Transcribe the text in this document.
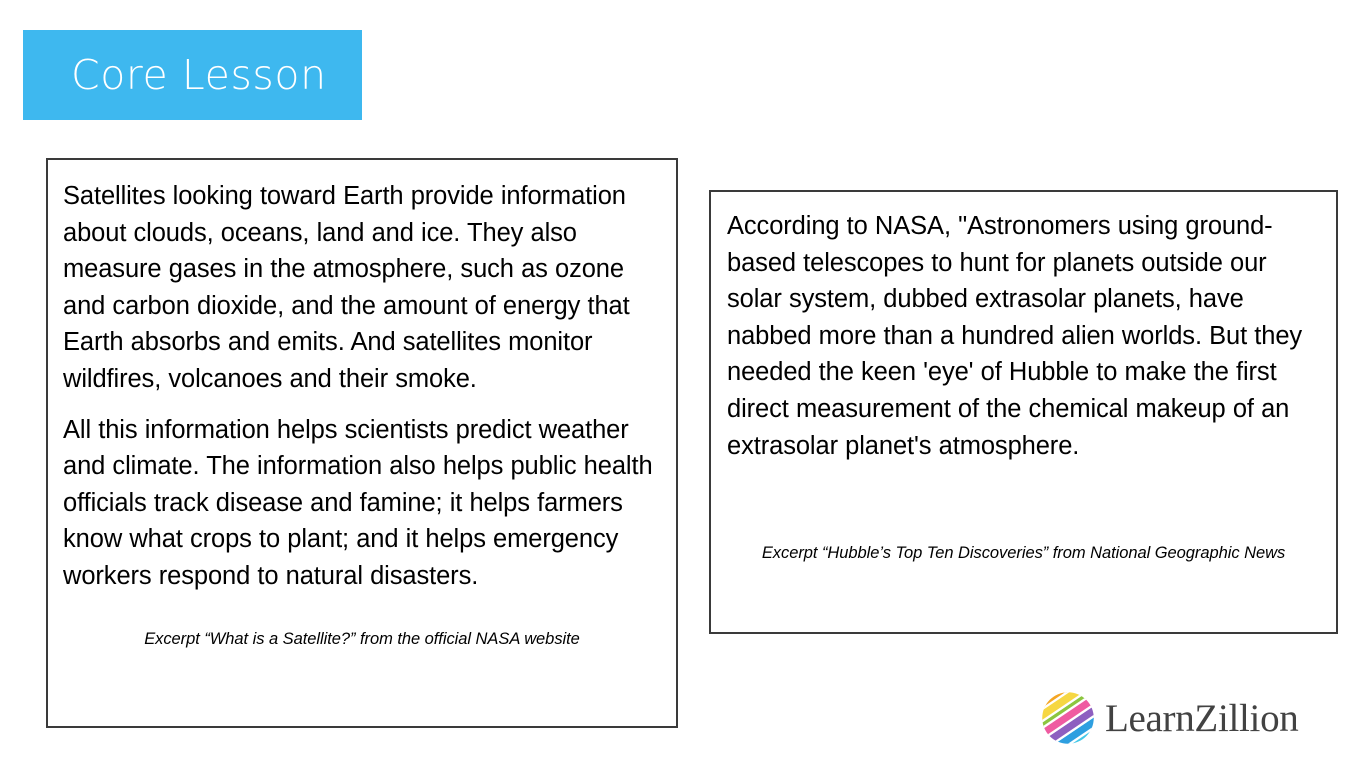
Core Lesson

Satellites looking toward Earth provide information about clouds, oceans, land and ice. They also measure gases in the atmosphere, such as ozone and carbon dioxide, and the amount of energy that Earth absorbs and emits. And satellites monitor wildfires, volcanoes and their smoke.

All this information helps scientists predict weather and climate. The information also helps public health officials track disease and famine; it helps farmers know what crops to plant; and it helps emergency workers respond to natural disasters.

Excerpt “What is a Satellite?” from the official NASA website

According to NASA, "Astronomers using ground-based telescopes to hunt for planets outside our solar system, dubbed extrasolar planets, have nabbed more than a hundred alien worlds. But they needed the keen 'eye' of Hubble to make the first direct measurement of the chemical makeup of an extrasolar planet's atmosphere.

Excerpt “Hubble’s Top Ten Discoveries” from National Geographic News

LearnZillion
